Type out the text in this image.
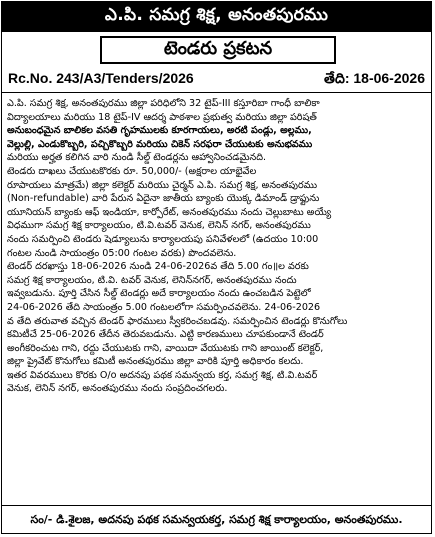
ఎ.పి. సమగ్ర శిక్ష, అనంతపురము
టెండరు ప్రకటన
Rc.No. 243/A3/Tenders/2026	తేది: 18-06-2026

ఎ.పి. సమగ్ర శిక్ష, అనంతపురము జిల్లా పరిధిలోని 32 టైప్-III కస్తూరిబా గాంధీ బాలికా
విద్యాలయాలు మరియు 18 టైప్-IV ఆదర్శ పాఠశాల ప్రభుత్వ మరియు జిల్లా పరిషత్
అనుబంధమైన బాలికల వసతి గృహములకు కూరగాయలు, అరటి పండ్లు, అల్లము,
వెల్లుల్లి, ఎండుకొబ్బరి, పచ్చికొబ్బరి మరియు చికెన్ సరఫరా చేయుటకు అనుభవము
మరియు అర్హత కలిగిన వారి నుండి సీల్డ్ టెండర్లను ఆహ్వానించడమైనది.

టెండరు దాఖలు చేయుటకొరకు రూ. 50,000/- (అక్షరాల యాభైవేల
రూపాయలు మాత్రమే) జిల్లా కలెక్టర్ మరియు చైర్మన్ ఎ.పి. సమగ్ర శిక్ష, అనంతపురము
(Non-refundable) వారి పేరున ఏదైనా జాతీయ బ్యాంకు యొక్క డిమాండ్ డ్రాఫ్టును
యూనియన్ బ్యాంకు ఆఫ్ ఇండియా, కార్పోరేట్, అనంతపురము నందు చెల్లుబాటు అయ్యే
విధముగా సమగ్ర శిక్ష కార్యాలయం, టి.వి.టవర్ వెనుక, లెనిన్ నగర్, అనంతపురము
నందు సమర్పించి టెండరు షెడ్యూలును కార్యాలయపు పనివేళలలో (ఉదయం 10:00
గంటల నుండి సాయంత్రం 05:00 గంటల వరకు) పొందవలెను.

టెండర్ దరఖాస్తు 18-06-2026 నుండి 24-06-2026వ తేది 5.00 గం॥ల వరకు
సమగ్ర శిక్ష కార్యాలయం, టి.వి. టవర్ వెనుక, లెనిన్‌నగర్, అనంతపురము నందు
ఇవ్వబడును. పూర్తి చేసిన సీల్డ్ టెండర్లు అదే కార్యాలయం నందు ఉంచబడిన పెట్టెలో
24-06-2026 తేది సాయంత్రం 5.00 గంటలలోగా సమర్పించవలెను. 24-06-2026
వ తేది తరువాత వచ్చిన టెండర్ ఫారములు స్వీకరించబడవు. సమర్పించిన టెండర్లు కొనుగోలు
కమిటీచే 25-06-2026 తేదీన తెరువబడును. ఎట్టి కారణములు చూపకుండానే టెండర్
అంగీకరించుట గాని, రద్దు చేయుటకు గాని, వాయిదా వేయుటకు గాని జాయింట్ కలెక్టర్,
జిల్లా ప్రైవేట్ కొనుగోలు కమిటీ అనంతపురము జిల్లా వారికి పూర్తి అధికారం కలదు.

ఇతర వివరములు కొరకు O/o అదనపు పథక సమన్వయ కర్త, సమగ్ర శిక్ష, టి.వి.టవర్
వెనుక, లెనిన్ నగర్, అనంతపురము నందు సంప్రదించగలరు.

సం/- డి.శైలజ, అదనపు పథక సమన్వయకర్త, సమగ్ర శిక్ష కార్యాలయం, అనంతపురము.
